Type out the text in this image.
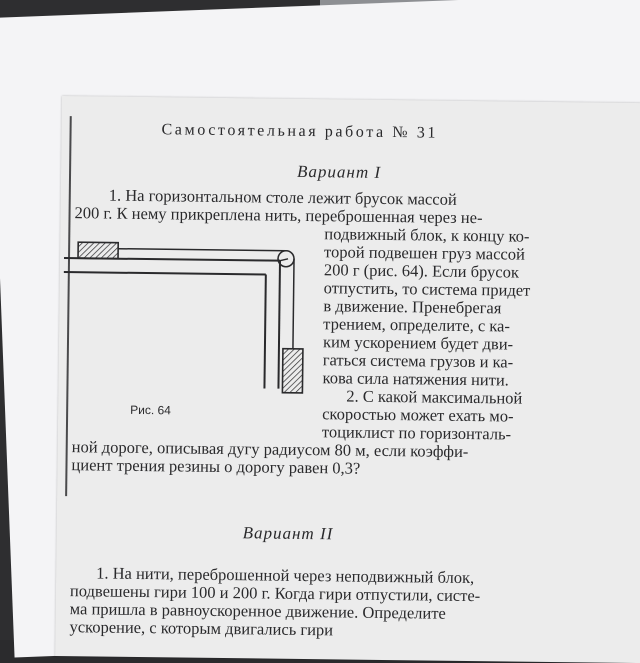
Самостоятельная работа № 31
Вариант I
1. На горизонтальном столе лежит брусок массой
200 г. К нему прикреплена нить, переброшенная через не-
подвижный блок, к концу ко-
торой подвешен груз массой
200 г (рис. 64). Если брусок
отпустить, то система придет
в движение. Пренебрегая
трением, определите, с ка-
ким ускорением будет дви-
гаться система грузов и ка-
кова сила натяжения нити.
2. С какой максимальной
скоростью может ехать мо-
тоциклист по горизонталь-
ной дороге, описывая дугу радиусом 80 м, если коэффи-
циент трения резины о дорогу равен 0,3?
Рис. 64
Вариант II
1. На нити, переброшенной через неподвижный блок,
подвешены гири 100 и 200 г. Когда гири отпустили, систе-
ма пришла в равноускоренное движение. Определите
ускорение, с которым двигались гири
